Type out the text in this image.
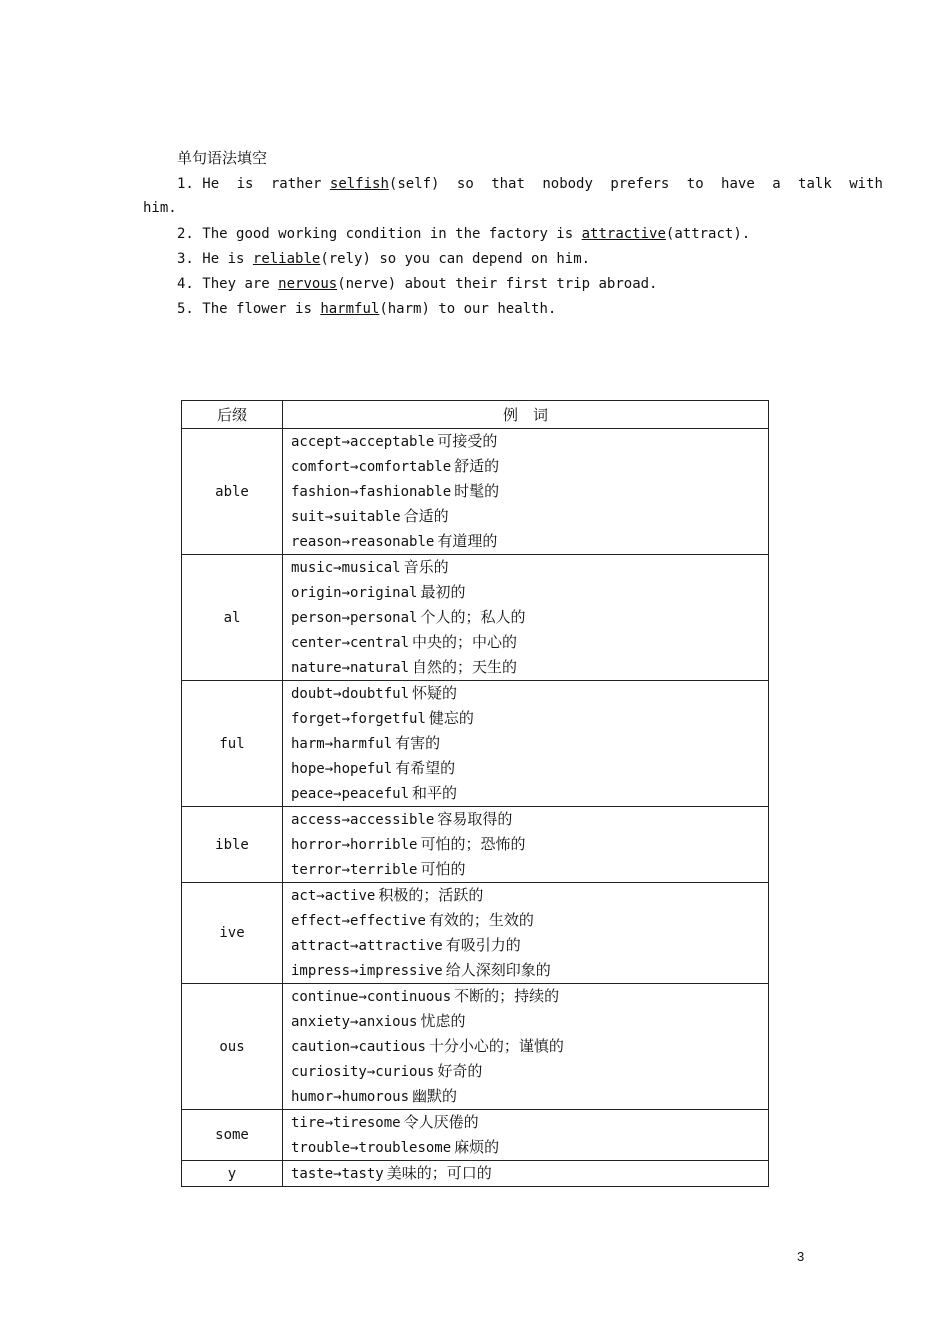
单句语法填空
1. He is rather selfish(self) so that nobody prefers to have a talk with
him.
2. The good working condition in the factory is attractive(attract).
3. He is reliable(rely) so you can depend on him.
4. They are nervous(nerve) about their first trip abroad.
5. The flower is harmful(harm) to our health.
后缀	例　词
able	accept→acceptable 可接受的
comfort→comfortable 舒适的
fashion→fashionable 时髦的
suit→suitable 合适的
reason→reasonable 有道理的

al	music→musical 音乐的
origin→original 最初的
person→personal 个人的；私人的
center→central 中央的；中心的
nature→natural 自然的；天生的

ful	doubt→doubtful 怀疑的
forget→forgetful 健忘的
harm→harmful 有害的
hope→hopeful 有希望的
peace→peaceful 和平的

ible	access→accessible 容易取得的
horror→horrible 可怕的；恐怖的
terror→terrible 可怕的

ive	act→active 积极的；活跃的
effect→effective 有效的；生效的
attract→attractive 有吸引力的
impress→impressive 给人深刻印象的

ous	continue→continuous 不断的；持续的
anxiety→anxious 忧虑的
caution→cautious 十分小心的；谨慎的
curiosity→curious 好奇的
humor→humorous 幽默的

some	tire→tiresome 令人厌倦的
trouble→troublesome 麻烦的

y	taste→tasty 美味的；可口的
3
